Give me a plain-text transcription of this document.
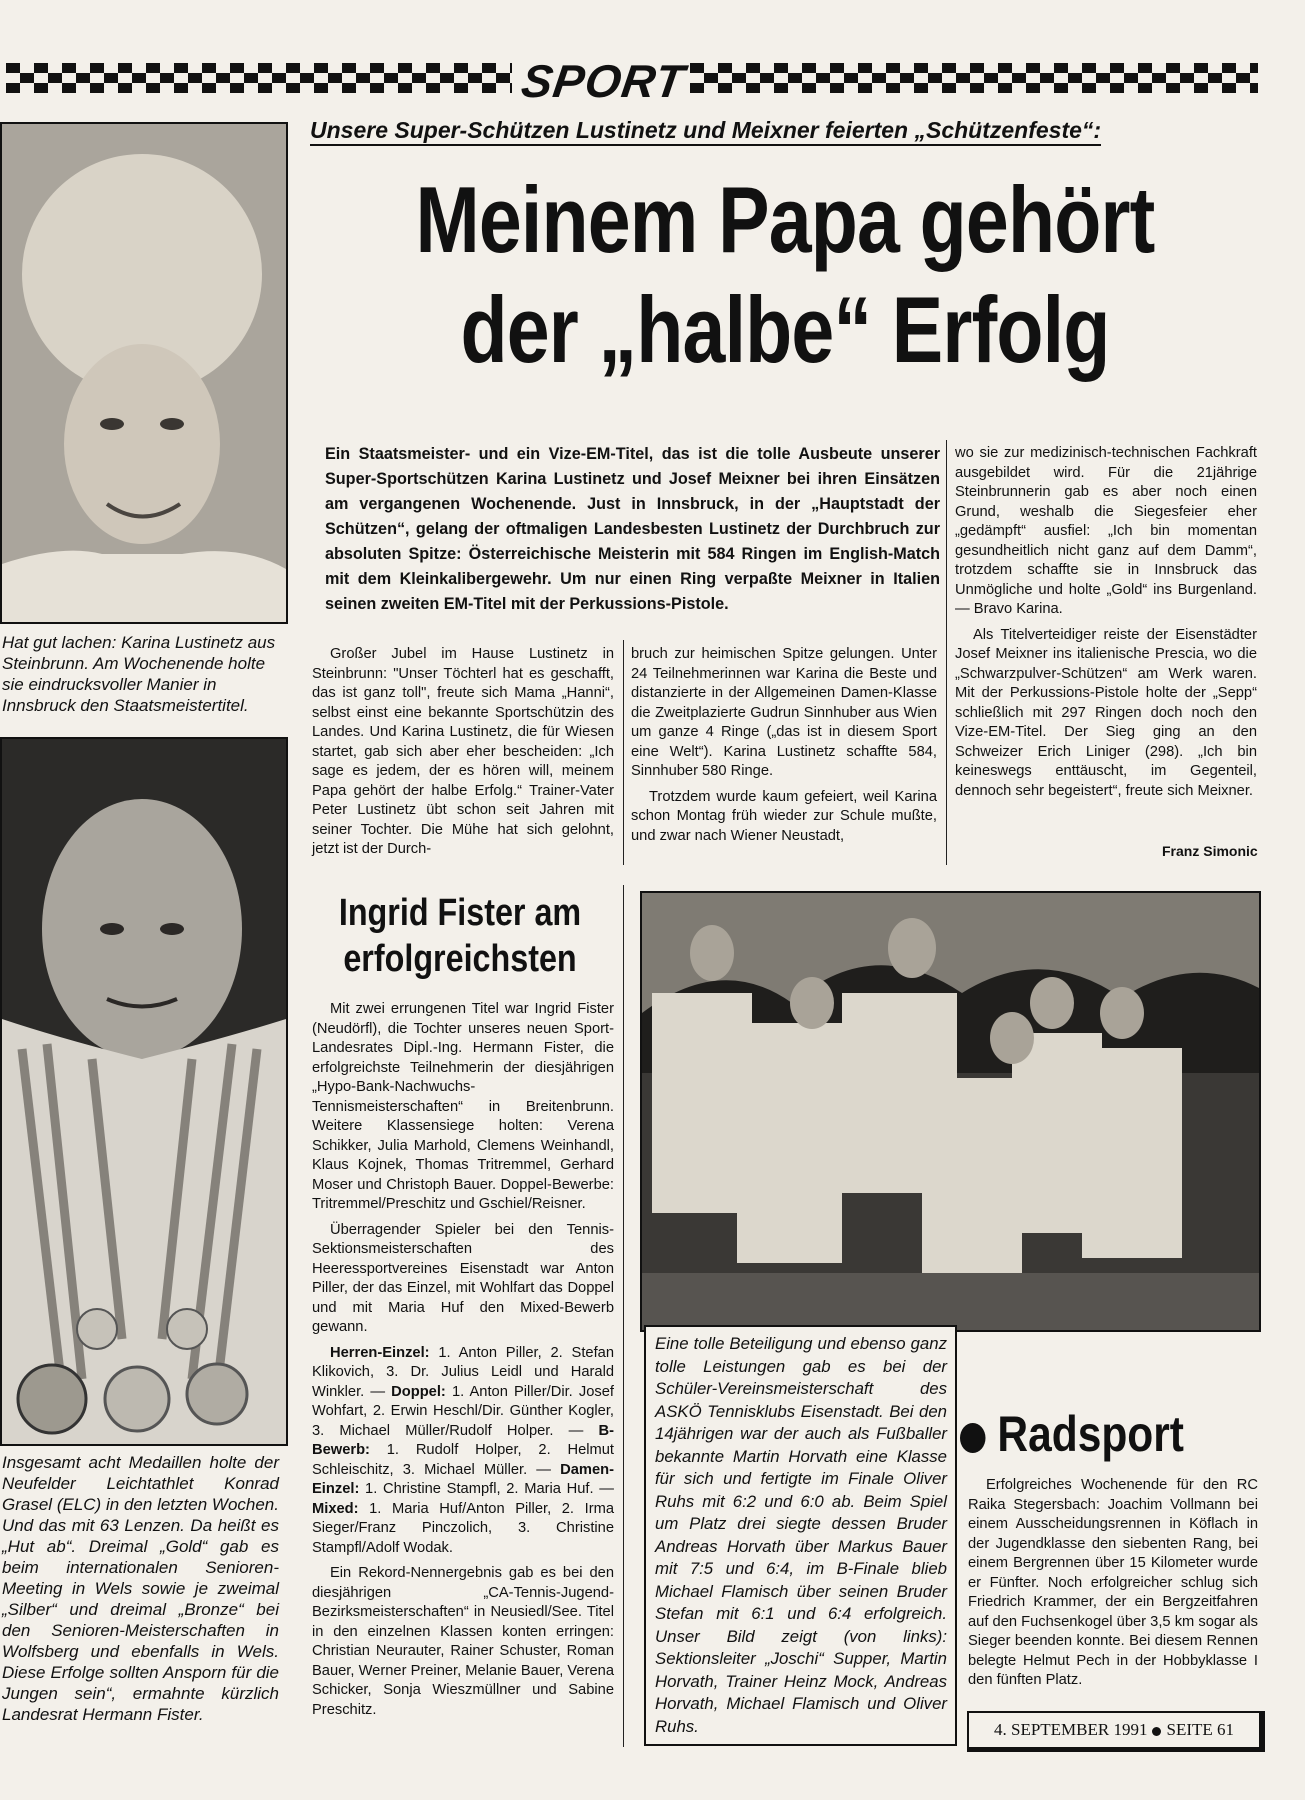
SPORT
Unsere Super-Schützen Lustinetz und Meixner feierten „Schützenfeste“:
Meinem Papa gehört
der „halbe“ Erfolg
Hat gut lachen: Karina Lustinetz aus Steinbrunn. Am Wochenende holte sie eindrucksvoller Manier in Innsbruck den Staatsmeistertitel.
Insgesamt acht Medaillen holte der Neufelder Leichtathlet Konrad Grasel (ELC) in den letzten Wochen. Und das mit 63 Lenzen. Da heißt es „Hut ab“. Dreimal „Gold“ gab es beim internationalen Senioren-Meeting in Wels sowie je zweimal „Silber“ und dreimal „Bronze“ bei den Senioren-Meisterschaften in Wolfsberg und ebenfalls in Wels. Diese Erfolge sollten Ansporn für die Jungen sein“, ermahnte kürzlich Landesrat Hermann Fister.
Ein Staatsmeister- und ein Vize-EM-Titel, das ist die tolle Ausbeute unserer Super-Sportschützen Karina Lustinetz und Josef Meixner bei ihren Einsätzen am vergangenen Wochenende. Just in Innsbruck, in der „Hauptstadt der Schützen“, gelang der oftmaligen Landesbesten Lustinetz der Durchbruch zur absoluten Spitze: Österreichische Meisterin mit 584 Ringen im English-Match mit dem Kleinkalibergewehr. Um nur einen Ring verpaßte Meixner in Italien seinen zweiten EM-Titel mit der Perkussions-Pistole.

Großer Jubel im Hause Lustinetz in Steinbrunn: "Unser Töchterl hat es geschafft, das ist ganz toll", freute sich Mama „Hanni“, selbst einst eine bekannte Sportschützin des Landes. Und Karina Lustinetz, die für Wiesen startet, gab sich aber eher bescheiden: „Ich sage es jedem, der es hören will, meinem Papa gehört der halbe Erfolg.“ Trainer-Vater Peter Lustinetz übt schon seit Jahren mit seiner Tochter. Die Mühe hat sich gelohnt, jetzt ist der Durch-

bruch zur heimischen Spitze gelungen. Unter 24 Teilnehmerinnen war Karina die Beste und distanzierte in der Allgemeinen Damen-Klasse die Zweitplazierte Gudrun Sinnhuber aus Wien um ganze 4 Ringe („das ist in diesem Sport eine Welt“). Karina Lustinetz schaffte 584, Sinnhuber 580 Ringe.

Trotzdem wurde kaum gefeiert, weil Karina schon Montag früh wieder zur Schule mußte, und zwar nach Wiener Neustadt,

wo sie zur medizinisch-technischen Fachkraft ausgebildet wird. Für die 21jährige Steinbrunnerin gab es aber noch einen Grund, weshalb die Siegesfeier eher „gedämpft“ ausfiel: „Ich bin momentan gesundheitlich nicht ganz auf dem Damm“, trotzdem schaffte sie in Innsbruck das Unmögliche und holte „Gold“ ins Burgenland. — Bravo Karina.

Als Titelverteidiger reiste der Eisenstädter Josef Meixner ins italienische Prescia, wo die „Schwarzpulver-Schützen“ am Werk waren. Mit der Perkussions-Pistole holte der „Sepp“ schließlich mit 297 Ringen doch noch den Vize-EM-Titel. Der Sieg ging an den Schweizer Erich Liniger (298). „Ich bin keineswegs enttäuscht, im Gegenteil, dennoch sehr begeistert“, freute sich Meixner.

Franz Simonic
Ingrid Fister am
erfolgreichsten

Mit zwei errungenen Titel war Ingrid Fister (Neudörfl), die Tochter unseres neuen Sport-Landesrates Dipl.-Ing. Hermann Fister, die erfolgreichste Teilnehmerin der diesjährigen „Hypo-Bank-Nachwuchs-Tennismeisterschaften“ in Breitenbrunn. Weitere Klassensiege holten: Verena Schikker, Julia Marhold, Clemens Weinhandl, Klaus Kojnek, Thomas Tritremmel, Gerhard Moser und Christoph Bauer. Doppel-Bewerbe: Tritremmel/Preschitz und Gschiel/Reisner.

Überragender Spieler bei den Tennis-Sektionsmeisterschaften des Heeressportvereines Eisenstadt war Anton Piller, der das Einzel, mit Wohlfart das Doppel und mit Maria Huf den Mixed-Bewerb gewann.

Herren-Einzel: 1. Anton Piller, 2. Stefan Klikovich, 3. Dr. Julius Leidl und Harald Winkler. — Doppel: 1. Anton Piller/Dir. Josef Wohfart, 2. Erwin Heschl/Dir. Günther Kogler, 3. Michael Müller/Rudolf Holper. — B-Bewerb: 1. Rudolf Holper, 2. Helmut Schleischitz, 3. Michael Müller. — Damen-Einzel: 1. Christine Stampfl, 2. Maria Huf. — Mixed: 1. Maria Huf/Anton Piller, 2. Irma Sieger/Franz Pinczolich, 3. Christine Stampfl/Adolf Wodak.

Ein Rekord-Nennergebnis gab es bei den diesjährigen „CA-Tennis-Jugend-Bezirksmeisterschaften“ in Neusiedl/See. Titel in den einzelnen Klassen konten erringen: Christian Neurauter, Rainer Schuster, Roman Bauer, Werner Preiner, Melanie Bauer, Verena Schicker, Sonja Wieszmüllner und Sabine Preschitz.

Eine tolle Beteiligung und ebenso ganz tolle Leistungen gab es bei der Schüler-Vereinsmeisterschaft des ASKÖ Tennisklubs Eisenstadt. Bei den 14jährigen war der auch als Fußballer bekannte Martin Horvath eine Klasse für sich und fertigte im Finale Oliver Ruhs mit 6:2 und 6:0 ab. Beim Spiel um Platz drei siegte dessen Bruder Andreas Horvath über Markus Bauer mit 7:5 und 6:4, im B-Finale blieb Michael Flamisch über seinen Bruder Stefan mit 6:1 und 6:4 erfolgreich. Unser Bild zeigt (von links): Sektionsleiter „Joschi“ Supper, Martin Horvath, Trainer Heinz Mock, Andreas Horvath, Michael Flamisch und Oliver Ruhs.
Radsport

Erfolgreiches Wochenende für den RC Raika Stegersbach: Joachim Vollmann bei einem Ausscheidungsrennen in Köflach in der Jugendklasse den siebenten Rang, bei einem Bergrennen über 15 Kilometer wurde er Fünfter. Noch erfolgreicher schlug sich Friedrich Krammer, der ein Bergzeitfahren auf den Fuchsenkogel über 3,5 km sogar als Sieger beenden konnte. Bei diesem Rennen belegte Helmut Pech in der Hobbyklasse I den fünften Platz.

4. SEPTEMBER 1991 SEITE 61
